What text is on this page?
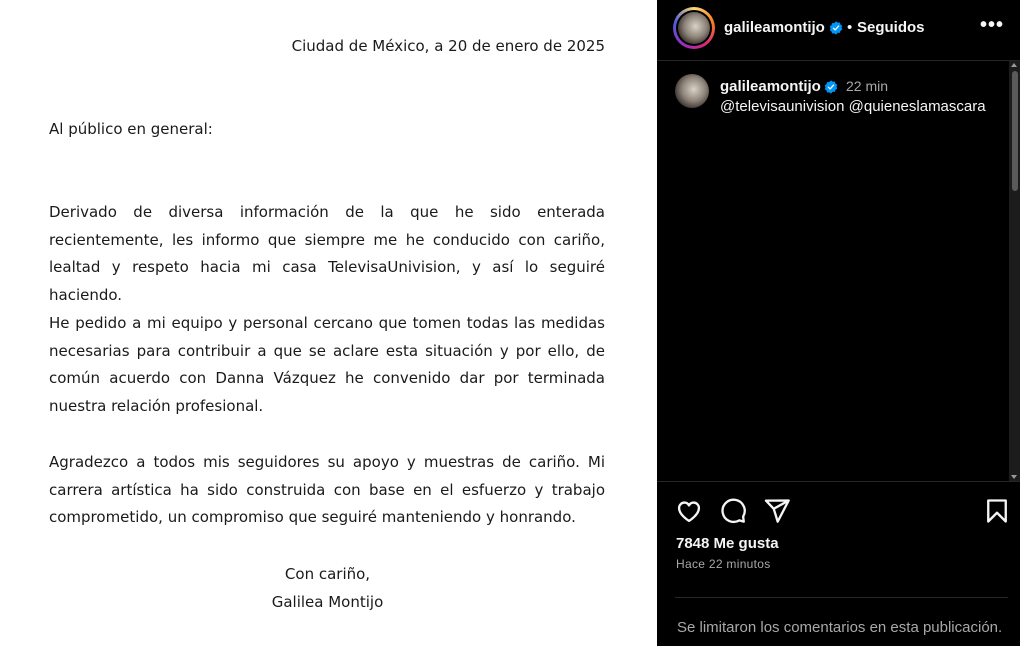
Ciudad de México, a 20 de enero de 2025
Al público en general:
Derivado de diversa información de la que he sido enterada recientemente, les informo que siempre me he conducido con cariño, lealtad y respeto hacia mi casa TelevisaUnivision, y así lo seguiré haciendo.
He pedido a mi equipo y personal cercano que tomen todas las medidas necesarias para contribuir a que se aclare esta situación y por ello, de común acuerdo con Danna Vázquez he convenido dar por terminada nuestra relación profesional.
Agradezco a todos mis seguidores su apoyo y muestras de cariño. Mi carrera artística ha sido construida con base en el esfuerzo y trabajo comprometido, un compromiso que seguiré manteniendo y honrando.
Con cariño,
Galilea Montijo
galileamontijo • Seguidos	•••
galileamontijo 22 min
@televisaunivision @quieneslamascara
7848 Me gusta
Hace 22 minutos
Se limitaron los comentarios en esta publicación.
